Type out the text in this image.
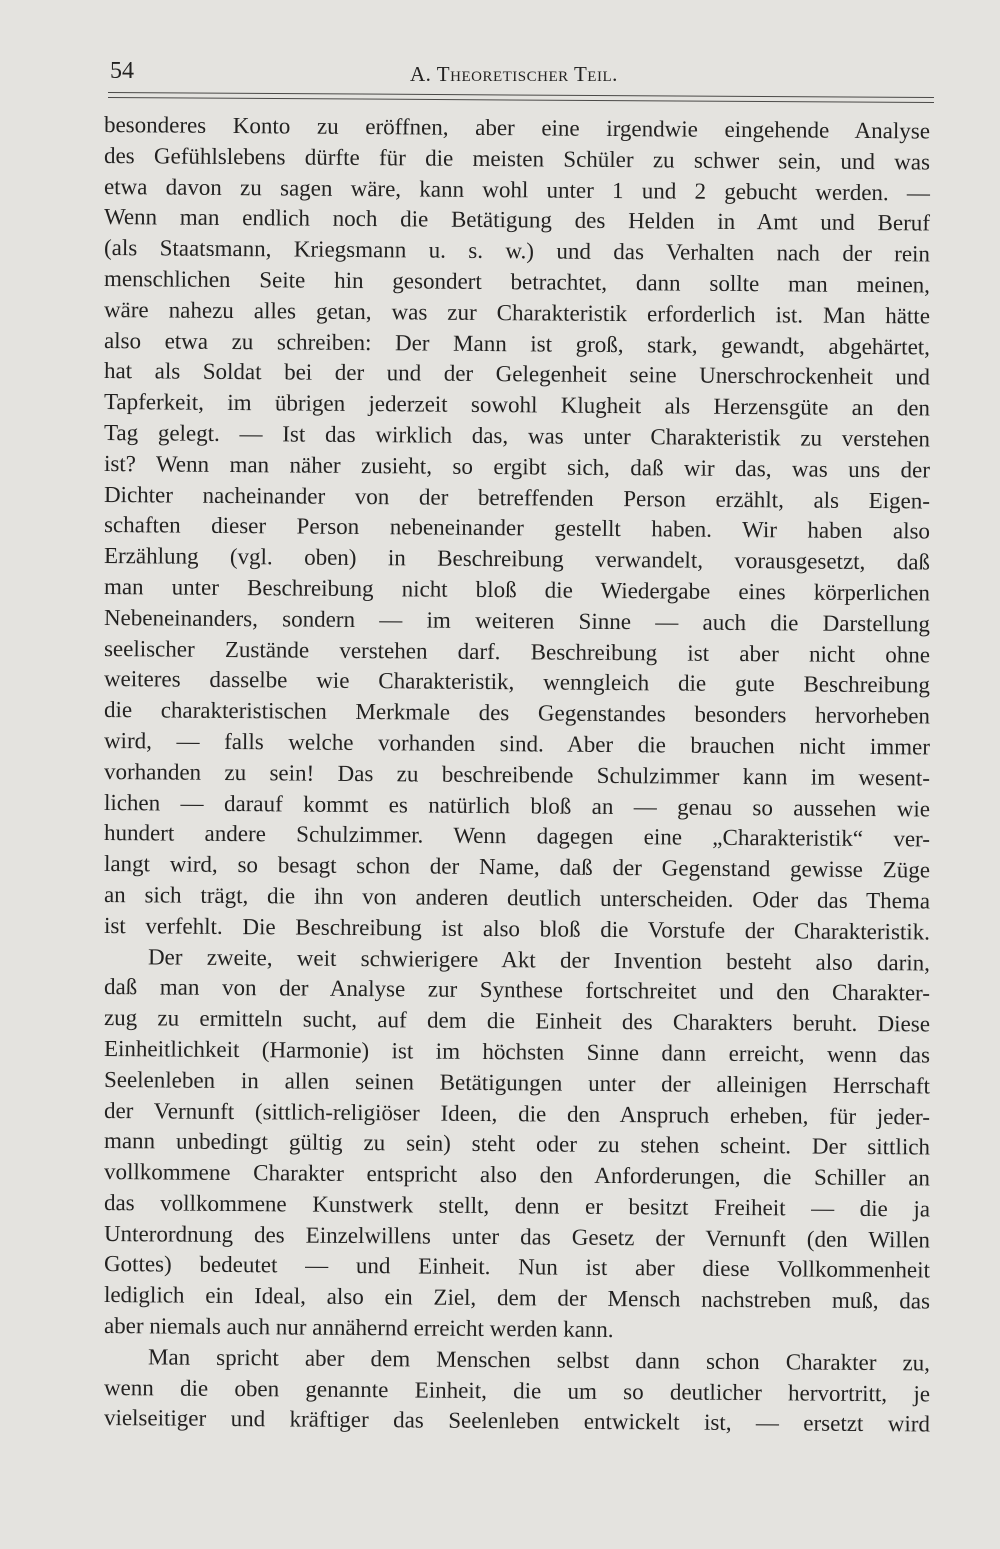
54	A. Theoretischer Teil.
besonderes Konto zu eröffnen, aber eine irgendwie eingehende Analyse
des Gefühlslebens dürfte für die meisten Schüler zu schwer sein, und was
etwa davon zu sagen wäre, kann wohl unter 1 und 2 gebucht werden. —
Wenn man endlich noch die Betätigung des Helden in Amt und Beruf
(als Staatsmann, Kriegsmann u. s. w.) und das Verhalten nach der rein
menschlichen Seite hin gesondert betrachtet, dann sollte man meinen,
wäre nahezu alles getan, was zur Charakteristik erforderlich ist. Man hätte
also etwa zu schreiben: Der Mann ist groß, stark, gewandt, abgehärtet,
hat als Soldat bei der und der Gelegenheit seine Unerschrockenheit und
Tapferkeit, im übrigen jederzeit sowohl Klugheit als Herzensgüte an den
Tag gelegt. — Ist das wirklich das, was unter Charakteristik zu verstehen
ist? Wenn man näher zusieht, so ergibt sich, daß wir das, was uns der
Dichter nacheinander von der betreffenden Person erzählt, als Eigen-
schaften dieser Person nebeneinander gestellt haben. Wir haben also
Erzählung (vgl. oben) in Beschreibung verwandelt, vorausgesetzt, daß
man unter Beschreibung nicht bloß die Wiedergabe eines körperlichen
Nebeneinanders, sondern — im weiteren Sinne — auch die Darstellung
seelischer Zustände verstehen darf. Beschreibung ist aber nicht ohne
weiteres dasselbe wie Charakteristik, wenngleich die gute Beschreibung
die charakteristischen Merkmale des Gegenstandes besonders hervorheben
wird, — falls welche vorhanden sind. Aber die brauchen nicht immer
vorhanden zu sein! Das zu beschreibende Schulzimmer kann im wesent-
lichen — darauf kommt es natürlich bloß an — genau so aussehen wie
hundert andere Schulzimmer. Wenn dagegen eine „Charakteristik“ ver-
langt wird, so besagt schon der Name, daß der Gegenstand gewisse Züge
an sich trägt, die ihn von anderen deutlich unterscheiden. Oder das Thema
ist verfehlt. Die Beschreibung ist also bloß die Vorstufe der Charakteristik.
Der zweite, weit schwierigere Akt der Invention besteht also darin,
daß man von der Analyse zur Synthese fortschreitet und den Charakter-
zug zu ermitteln sucht, auf dem die Einheit des Charakters beruht. Diese
Einheitlichkeit (Harmonie) ist im höchsten Sinne dann erreicht, wenn das
Seelenleben in allen seinen Betätigungen unter der alleinigen Herrschaft
der Vernunft (sittlich-religiöser Ideen, die den Anspruch erheben, für jeder-
mann unbedingt gültig zu sein) steht oder zu stehen scheint. Der sittlich
vollkommene Charakter entspricht also den Anforderungen, die Schiller an
das vollkommene Kunstwerk stellt, denn er besitzt Freiheit — die ja
Unterordnung des Einzelwillens unter das Gesetz der Vernunft (den Willen
Gottes) bedeutet — und Einheit. Nun ist aber diese Vollkommenheit
lediglich ein Ideal, also ein Ziel, dem der Mensch nachstreben muß, das
aber niemals auch nur annähernd erreicht werden kann.
Man spricht aber dem Menschen selbst dann schon Charakter zu,
wenn die oben genannte Einheit, die um so deutlicher hervortritt, je
vielseitiger und kräftiger das Seelenleben entwickelt ist, — ersetzt wird
